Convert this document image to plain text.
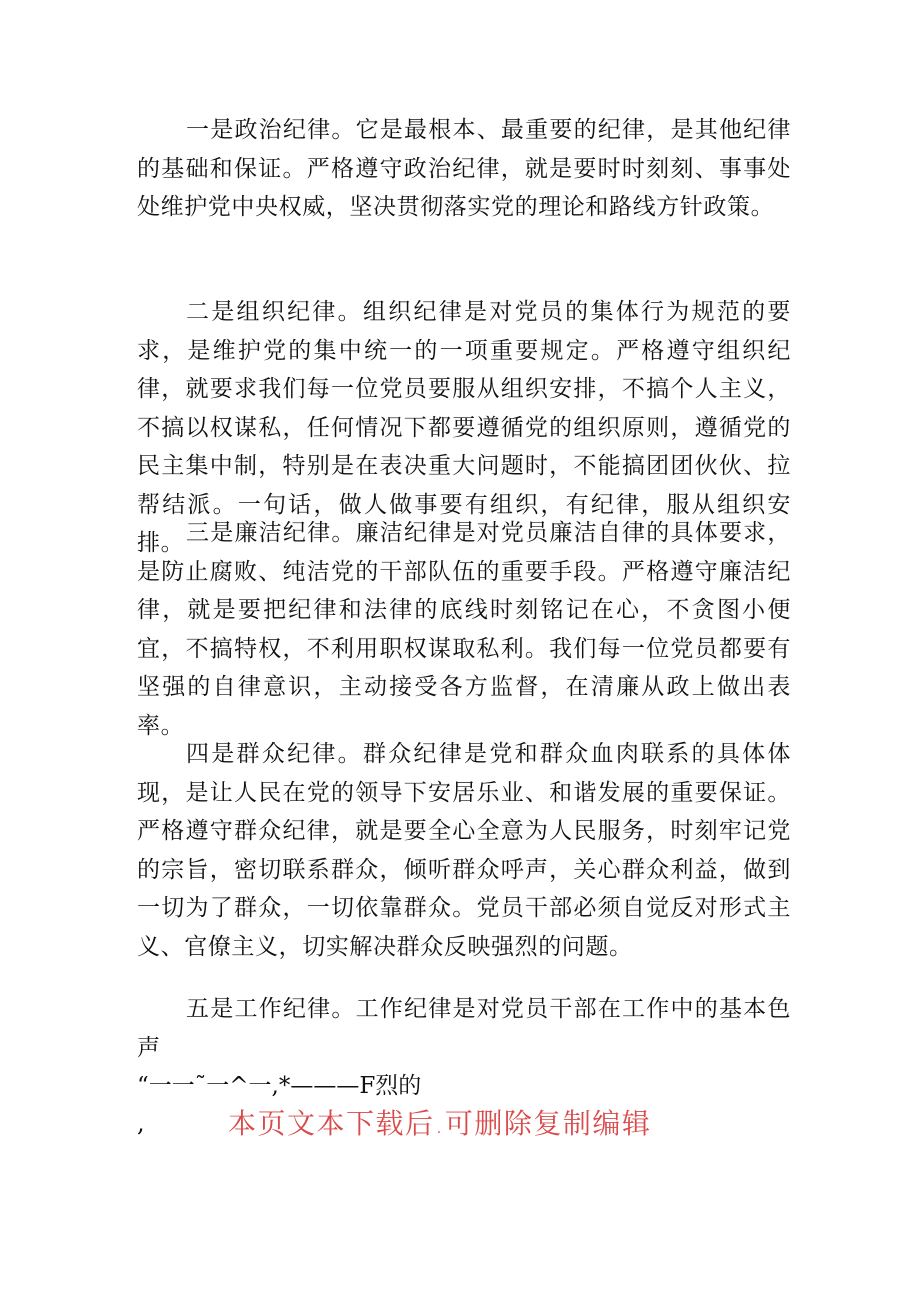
一是政治纪律。它是最根本、最重要的纪律，是其他纪律的基础和保证。严格遵守政治纪律，就是要时时刻刻、事事处处维护党中央权威，坚决贯彻落实党的理论和路线方针政策。

二是组织纪律。组织纪律是对党员的集体行为规范的要求，是维护党的集中统一的一项重要规定。严格遵守组织纪律，就要求我们每一位党员要服从组织安排，不搞个人主义，不搞以权谋私，任何情况下都要遵循党的组织原则，遵循党的民主集中制，特别是在表决重大问题时，不能搞团团伙伙、拉帮结派。一句话，做人做事要有组织，有纪律，服从组织安排。 三是廉洁纪律。廉洁纪律是对党员廉洁自律的具体要求，是防止腐败、纯洁党的干部队伍的重要手段。严格遵守廉洁纪律，就是要把纪律和法律的底线时刻铭记在心，不贪图小便宜，不搞特权，不利用职权谋取私利。我们每一位党员都要有坚强的自律意识，主动接受各方监督，在清廉从政上做出表率。

四是群众纪律。群众纪律是党和群众血肉联系的具体体现，是让人民在党的领导下安居乐业、和谐发展的重要保证。严格遵守群众纪律，就是要全心全意为人民服务，时刻牢记党的宗旨，密切联系群众，倾听群众呼声，关心群众利益，做到一切为了群众，一切依靠群众。党员干部必须自觉反对形式主义、官僚主义，切实解决群众反映强烈的问题。

五是工作纪律。工作纪律是对党员干部在工作中的基本色声
“一一˜一^一,*———F烈的
,	本页文本下载后.可删除复制编辑
